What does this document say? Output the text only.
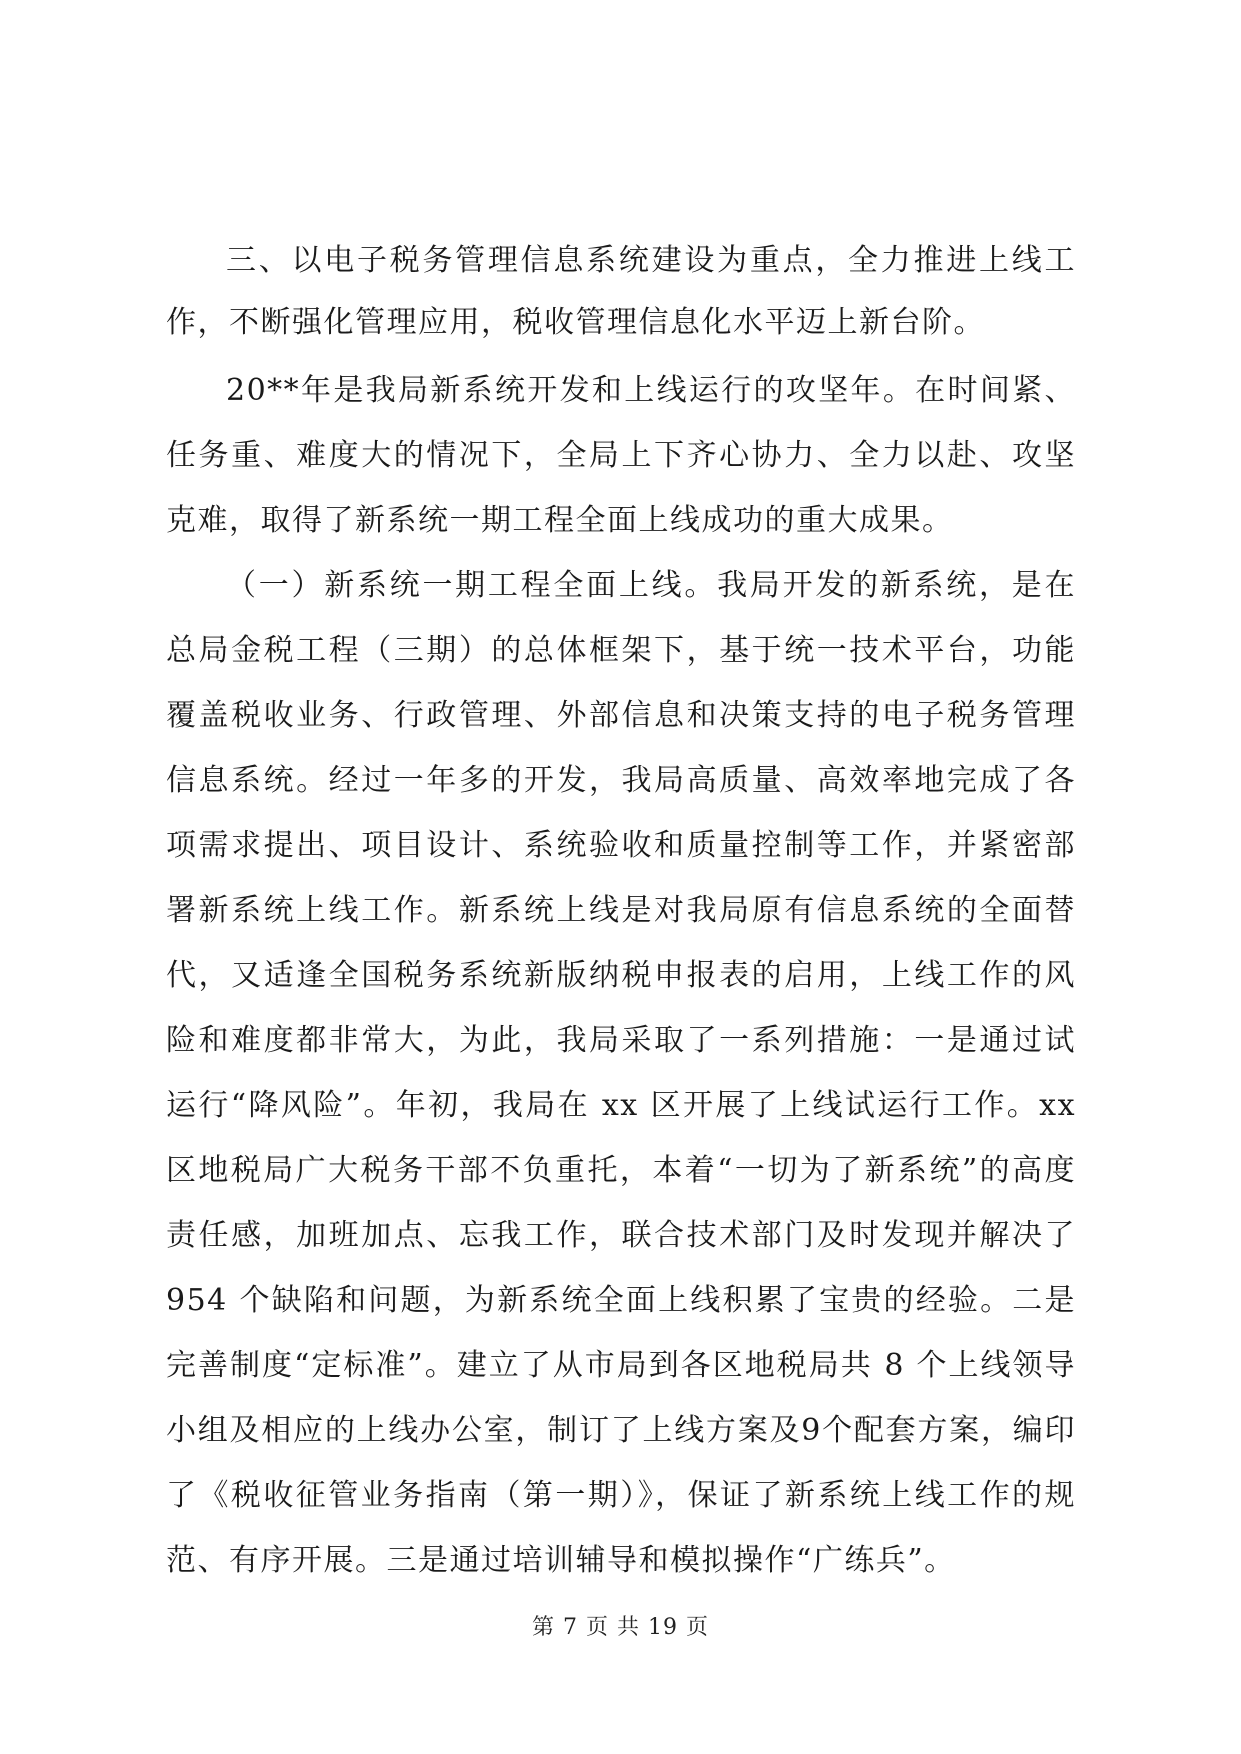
三、以电子税务管理信息系统建设为重点，全力推进上线工作，不断强化管理应用，税收管理信息化水平迈上新台阶。

20**年是我局新系统开发和上线运行的攻坚年。在时间紧、任务重、难度大的情况下，全局上下齐心协力、全力以赴、攻坚克难，取得了新系统一期工程全面上线成功的重大成果。

（一）新系统一期工程全面上线。我局开发的新系统，是在总局金税工程（三期）的总体框架下，基于统一技术平台，功能覆盖税收业务、行政管理、外部信息和决策支持的电子税务管理信息系统。经过一年多的开发，我局高质量、高效率地完成了各项需求提出、项目设计、系统验收和质量控制等工作，并紧密部署新系统上线工作。新系统上线是对我局原有信息系统的全面替代，又适逢全国税务系统新版纳税申报表的启用，上线工作的风险和难度都非常大，为此，我局采取了一系列措施：一是通过试运行“降风险”。年初，我局在 xx 区开展了上线试运行工作。xx区地税局广大税务干部不负重托，本着“一切为了新系统”的高度责任感，加班加点、忘我工作，联合技术部门及时发现并解决了 954 个缺陷和问题，为新系统全面上线积累了宝贵的经验。二是完善制度“定标准”。建立了从市局到各区地税局共 8 个上线领导小组及相应的上线办公室，制订了上线方案及9个配套方案，编印了《税收征管业务指南（第一期）》，保证了新系统上线工作的规范、有序开展。三是通过培训辅导和模拟操作“广练兵”。

第 7 页 共 19 页
